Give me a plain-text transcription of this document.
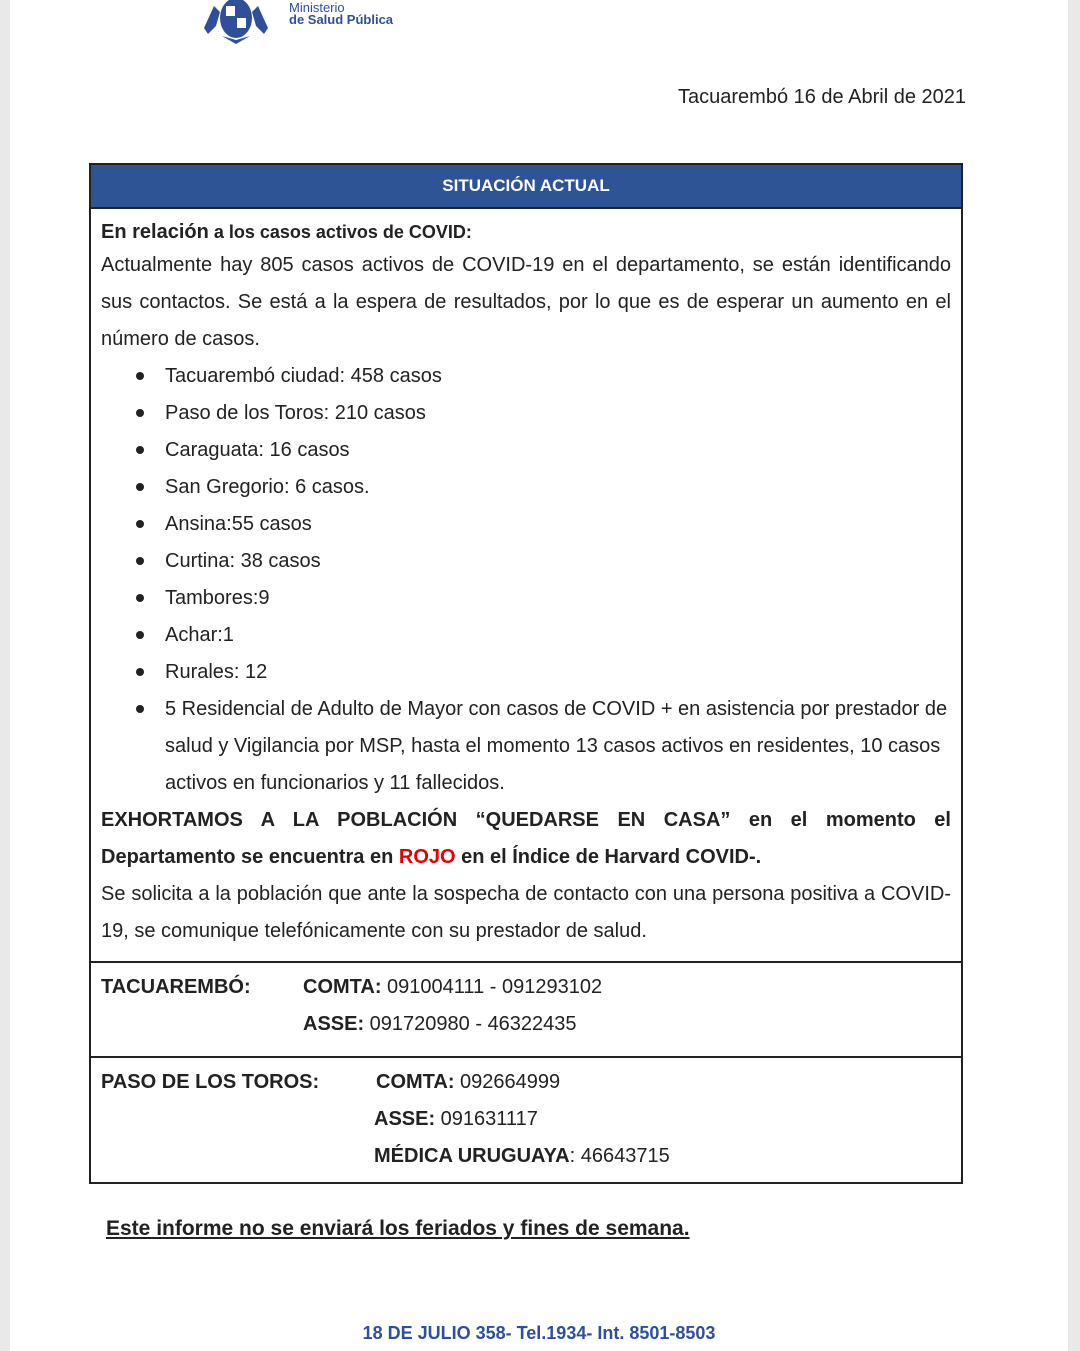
Ministerio
de Salud Pública
Tacuarembó 16 de Abril de 2021
SITUACIÓN ACTUAL
En relación a los casos activos de COVID:
Actualmente hay 805 casos activos de COVID-19 en el departamento, se están identificando sus contactos. Se está a la espera de resultados, por lo que es de esperar un aumento en el número de casos.
Tacuarembó ciudad: 458 casos
Paso de los Toros: 210 casos
Caraguata: 16 casos
San Gregorio: 6 casos.
Ansina:55 casos
Curtina: 38 casos
Tambores:9
Achar:1
Rurales: 12
5 Residencial de Adulto de Mayor con casos de COVID + en asistencia por prestador de salud y Vigilancia por MSP, hasta el momento 13 casos activos en residentes, 10 casos activos en funcionarios y 11 fallecidos.
EXHORTAMOS A LA POBLACIÓN “QUEDARSE EN CASA” en el momento el Departamento se encuentra en ROJO en el Índice de Harvard COVID-.
Se solicita a la población que ante la sospecha de contacto con una persona positiva a COVID-19, se comunique telefónicamente con su prestador de salud.
TACUAREMBÓ:	COMTA: 091004111 - 091293102
ASSE: 091720980 - 46322435
PASO DE LOS TOROS:	COMTA: 092664999
ASSE: 091631117
MÉDICA URUGUAYA: 46643715
Este informe no se enviará los feriados y fines de semana.
18 DE JULIO 358- Tel.1934- Int. 8501-8503
